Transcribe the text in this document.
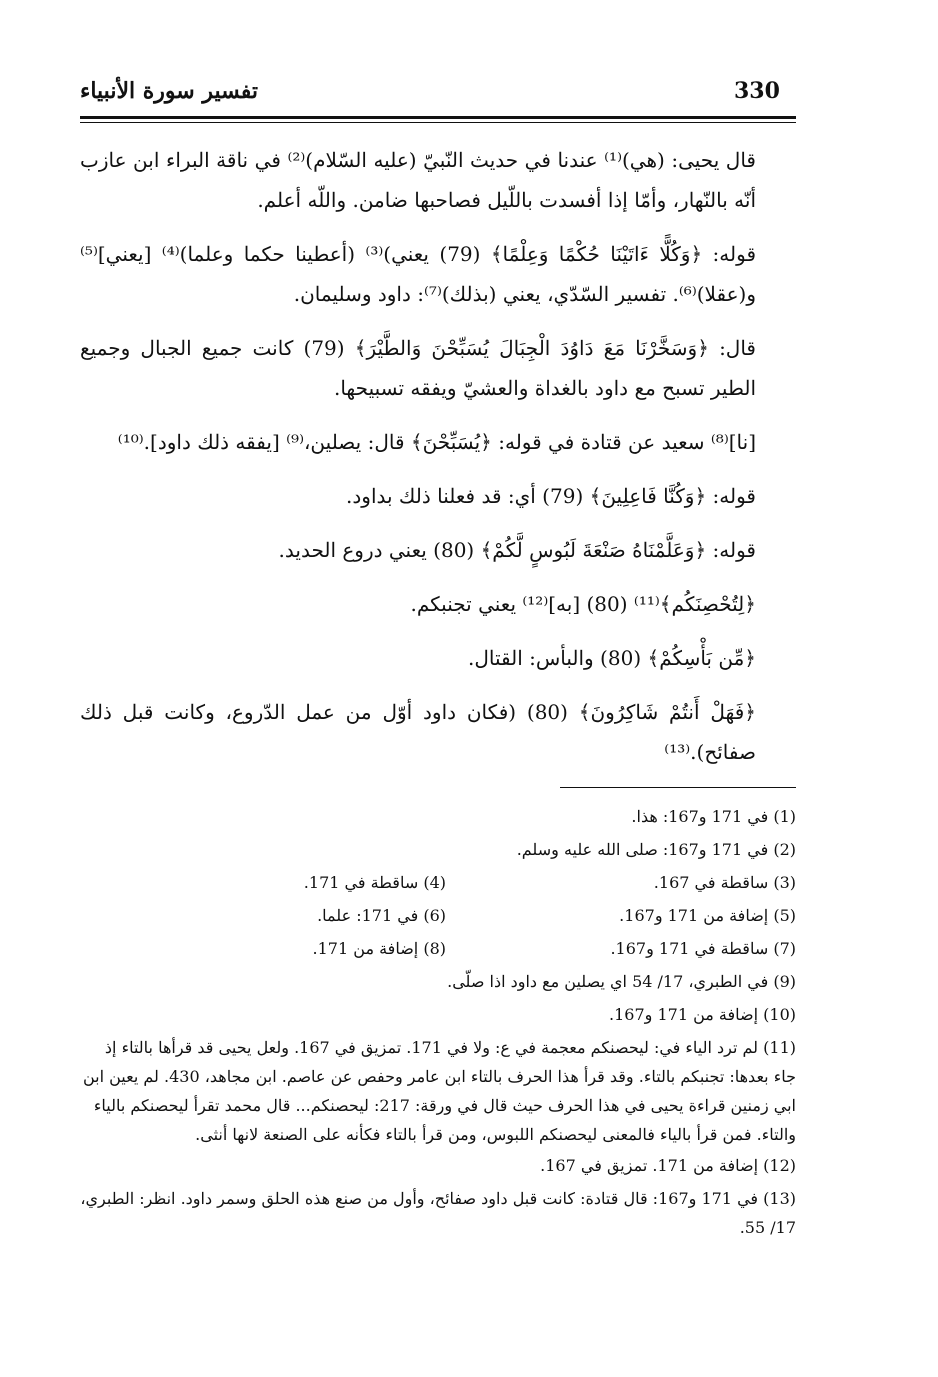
تفسير سورة الأنبياء	330

قال يحيى: (هي)⁽¹⁾ عندنا في حديث النّبيّ (عليه السّلام)⁽²⁾ في ناقة البراء ابن عازب أنّه بالنّهار، وأمّا إذا أفسدت باللّيل فصاحبها ضامن. واللّه أعلم.

قوله: ﴿وَكُلًّا ءَاتَيْنَا حُكْمًا وَعِلْمًا﴾ (79) يعني)⁽³⁾ (أعطينا حكما وعلما)⁽⁴⁾ [يعني]⁽⁵⁾ و(عقلا)⁽⁶⁾. تفسير السّدّي، يعني (بذلك)⁽⁷⁾: داود وسليمان.

قال: ﴿وَسَخَّرْنَا مَعَ دَاوُدَ الْجِبَالَ يُسَبِّحْنَ وَالطَّيْرَ﴾ (79) كانت جميع الجبال وجميع الطير تسبح مع داود بالغداة والعشيّ ويفقه تسبيحها.

[نا]⁽⁸⁾ سعيد عن قتادة في قوله: ﴿يُسَبِّحْنَ﴾ قال: يصلين،⁽⁹⁾ [يفقه ذلك داود].⁽¹⁰⁾

قوله: ﴿وَكُنَّا فَاعِلِينَ﴾ (79) أي: قد فعلنا ذلك بداود.

قوله: ﴿وَعَلَّمْنَاهُ صَنْعَةَ لَبُوسٍ لَّكُمْ﴾ (80) يعني دروع الحديد.

﴿لِتُحْصِنَكُم﴾⁽¹¹⁾ (80) [به]⁽¹²⁾ يعني تجنبكم.

﴿مِّن بَأْسِكُمْ﴾ (80) والبأس: القتال.

﴿فَهَلْ أَنتُمْ شَاكِرُونَ﴾ (80) (فكان داود أوّل من عمل الدّروع، وكانت قبل ذلك صفائح).⁽¹³⁾

(1) في 171 و167: هذا.
(2) في 171 و167: صلى الله عليه وسلم.
(3) ساقطة في 167.
(4) ساقطة في 171.
(5) إضافة من 171 و167.
(6) في 171: علما.
(7) ساقطة في 171 و167.
(8) إضافة من 171.
(9) في الطبري، 17/ 54 اي يصلين مع داود اذا صلّى.
(10) إضافة من 171 و167.
(11) لم ترد الياء في: ليحصنكم معجمة في ع: ولا في 171. تمزيق في 167. ولعل يحيى قد قرأها بالتاء إذ جاء بعدها: تجنبكم بالتاء. وقد قرأ هذا الحرف بالتاء ابن عامر وحفص عن عاصم. ابن مجاهد، 430. لم يعين ابن ابي زمنين قراءة يحيى في هذا الحرف حيث قال في ورقة: 217: ليحصنكم... قال محمد تقرأ ليحصنكم بالياء والتاء. فمن قرأ بالياء فالمعنى ليحصنكم اللبوس، ومن قرأ بالتاء فكأنه على الصنعة لانها أنثى.
(12) إضافة من 171. تمزيق في 167.
(13) في 171 و167: قال قتادة: كانت قبل داود صفائح، وأول من صنع هذه الحلق وسمر داود. انظر: الطبري، 17/ 55.
